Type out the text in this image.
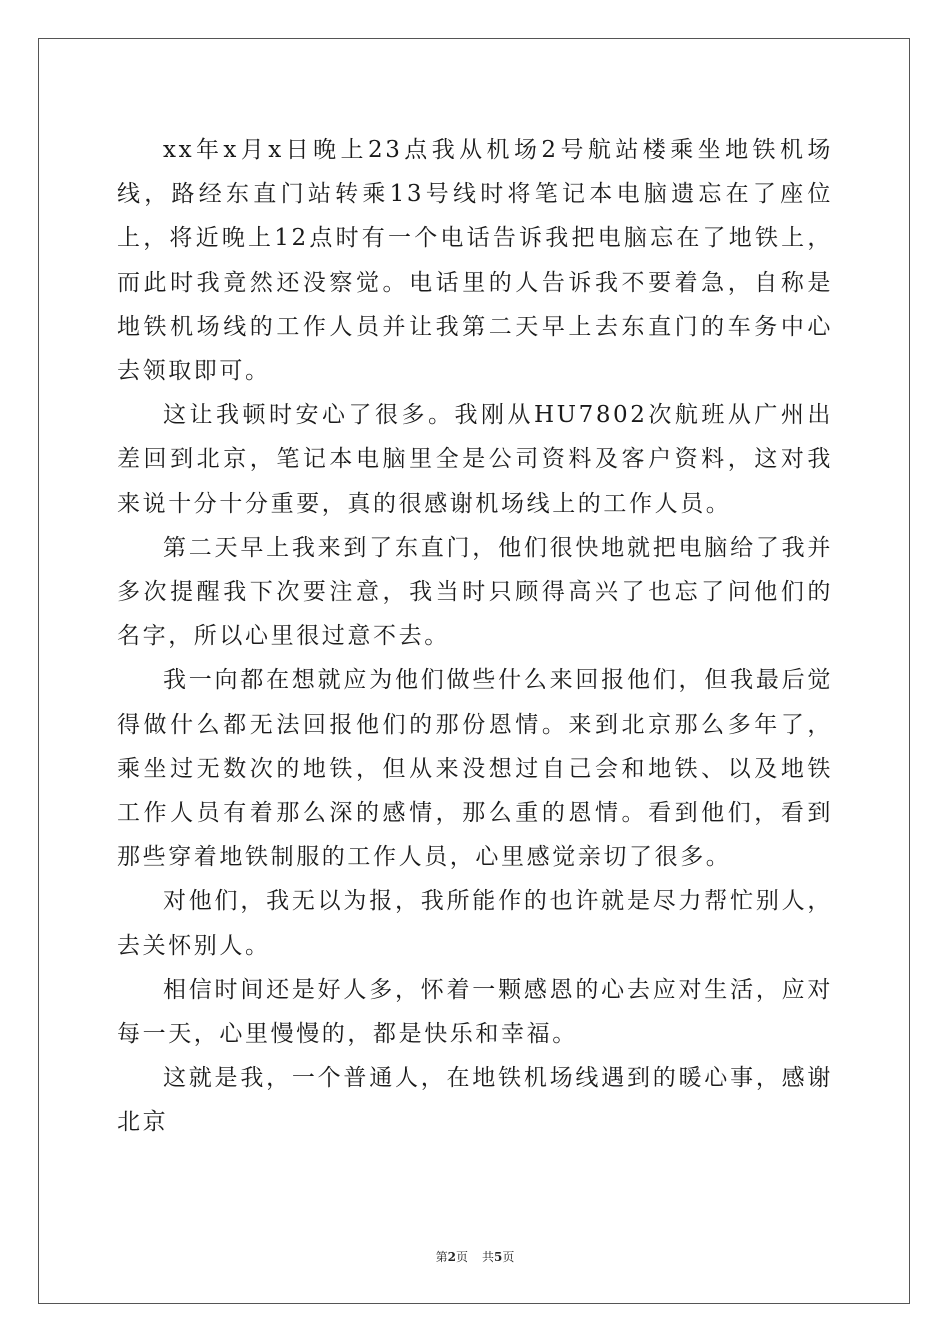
xx年x月x日晚上23点我从机场2号航站楼乘坐地铁机场线，路经东直门站转乘13号线时将笔记本电脑遗忘在了座位上，将近晚上12点时有一个电话告诉我把电脑忘在了地铁上，而此时我竟然还没察觉。电话里的人告诉我不要着急，自称是地铁机场线的工作人员并让我第二天早上去东直门的车务中心去领取即可。

这让我顿时安心了很多。我刚从HU7802次航班从广州出差回到北京，笔记本电脑里全是公司资料及客户资料，这对我来说十分十分重要，真的很感谢机场线上的工作人员。

第二天早上我来到了东直门，他们很快地就把电脑给了我并多次提醒我下次要注意，我当时只顾得高兴了也忘了问他们的名字，所以心里很过意不去。

我一向都在想就应为他们做些什么来回报他们，但我最后觉得做什么都无法回报他们的那份恩情。来到北京那么多年了，乘坐过无数次的地铁，但从来没想过自己会和地铁、以及地铁工作人员有着那么深的感情，那么重的恩情。看到他们，看到那些穿着地铁制服的工作人员，心里感觉亲切了很多。

对他们，我无以为报，我所能作的也许就是尽力帮忙别人，去关怀别人。

相信时间还是好人多，怀着一颗感恩的心去应对生活，应对每一天，心里慢慢的，都是快乐和幸福。

这就是我，一个普通人，在地铁机场线遇到的暖心事，感谢北京

第2页 共5页
